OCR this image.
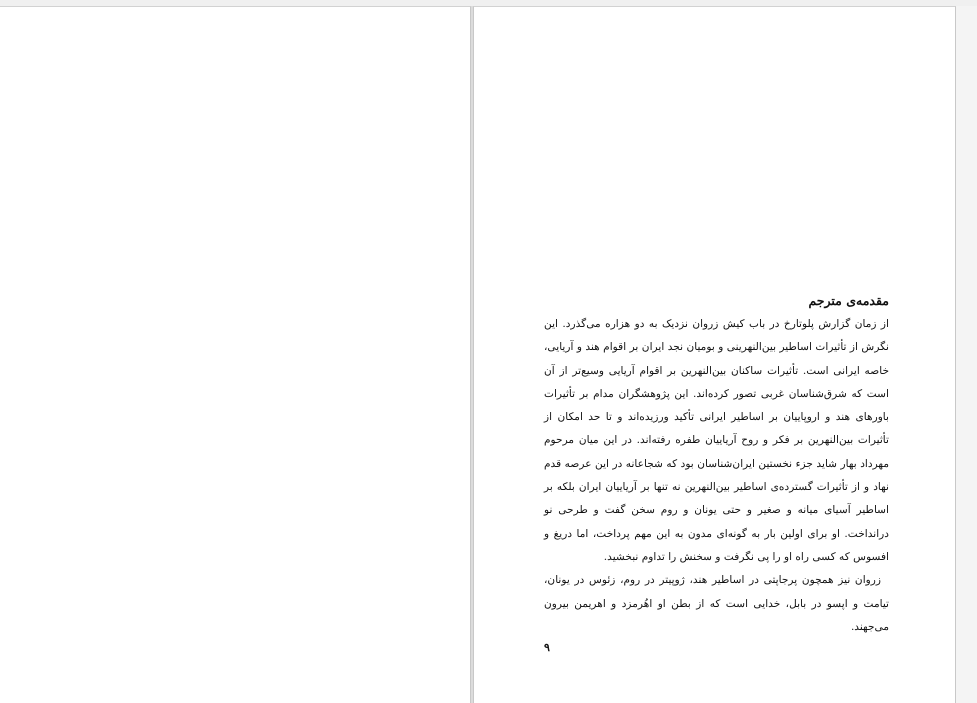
مقدمه‌ی مترجم

از زمان گزارش پلوتارخ در باب کیش زروان نزدیک به دو هزاره می‌گذرد. این نگرش از تأثیرات اساطیر بین‌النهرینی و بومیان نجد ایران بر اقوام هند و آریایی، خاصه ایرانی است. تأثیرات ساکنان بین‌النهرین بر اقوام آریایی وسیع‌تر از آن است که شرق‌شناسان غربی تصور کرده‌اند. این پژوهشگران مدام بر تأثیرات باورهای هند و اروپاییان بر اساطیر ایرانی تأکید ورزیده‌اند و تا حد امکان از تأثیرات بین‌النهرین بر فکر و روح آریاییان طفره رفته‌اند. در این میان مرحوم مهرداد بهار شاید جزء نخستین ایران‌شناسان بود که شجاعانه در این عرصه قدم نهاد و از تأثیرات گسترده‌ی اساطیر بین‌النهرین نه تنها بر آریاییان ایران بلکه بر اساطیر آسیای میانه و صغیر و حتی یونان و روم سخن گفت و طرحی نو درانداخت. او برای اولین بار به گونه‌ای مدون به این مهم پرداخت، اما دریغ و افسوس که کسی راه او را پی نگرفت و سخنش را تداوم نبخشید.

زروان نیز همچون پرجاپتی در اساطیر هند، ژوپیتر در روم، زئوس در یونان، تیامت و اپسو در بابل، خدایی است که از بطن او اهُرمزد و اهریمن بیرون می‌جهند.

۹
